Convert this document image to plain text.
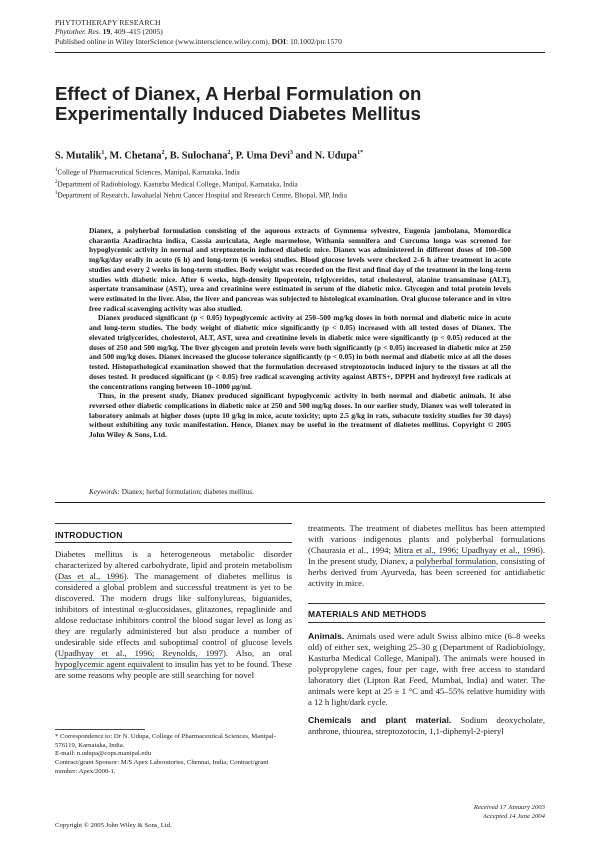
PHYTOTHERAPY RESEARCH
Phytother. Res. 19, 409–415 (2005)
Published online in Wiley InterScience (www.interscience.wiley.com). DOI: 10.1002/ptr.1570
Effect of Dianex, A Herbal Formulation on
Experimentally Induced Diabetes Mellitus
S. Mutalik$^1$, M. Chetana$^2$, B. Sulochana$^2$, P. Uma Devi$^3$ and N. Udupa$^{1*}$
$^1$College of Pharmaceutical Sciences, Manipal, Karnataka, India
$^2$Department of Radiobiology, Kasturba Medical College, Manipal, Karnataka, India
$^3$Department of Research, Jawaharlal Nehru Cancer Hospital and Research Centre, Bhopal, MP, India

Dianex, a polyherbal formulation consisting of the aqueous extracts of Gymnema sylvestre, Eugenia jambolana, Momordica charantia Azadirachta indica, Cassia auriculata, Aegle marmelose, Withania somnifera and Curcuma longa was screened for hypoglycemic activity in normal and streptozotocin induced diabetic mice. Dianex was administered in different doses of 100–500 mg/kg/day orally in acute (6 h) and long-term (6 weeks) studies. Blood glucose levels were checked 2–6 h after treatment in acute studies and every 2 weeks in long-term studies. Body weight was recorded on the first and final day of the treatment in the long-term studies with diabetic mice. After 6 weeks, high-density lipoprotein, triglycerides, total cholesterol, alanine transaminase (ALT), aspertate transaminase (AST), urea and creatinine were estimated in serum of the diabetic mice. Glycogen and total protein levels were estimated in the liver. Also, the liver and pancreas was subjected to histological examination. Oral glucose tolerance and in vitro free radical scavenging activity was also studied.

Dianex produced significant (p < 0.05) hypoglycemic activity at 250–500 mg/kg doses in both normal and diabetic mice in acute and long-term studies. The body weight of diabetic mice significantly (p < 0.05) increased with all tested doses of Dianex. The elevated triglycerides, cholesterol, ALT, AST, urea and creatinine levels in diabetic mice were significantly (p < 0.05) reduced at the doses of 250 and 500 mg/kg. The liver glycogen and protein levels were both significantly (p < 0.05) increased in diabetic mice at 250 and 500 mg/kg doses. Dianex increased the glucose tolerance significantly (p < 0.05) in both normal and diabetic mice at all the doses tested. Histopathological examination showed that the formulation decreased streptozotocin induced injury to the tissues at all the doses tested. It produced significant (p < 0.05) free radical scavenging activity against ABTS+, DPPH and hydroxyl free radicals at the concentrations ranging between 10–1000 μg/ml.

Thus, in the present study, Dianex produced significant hypoglycemic activity in both normal and diabetic animals. It also reversed other diabetic complications in diabetic mice at 250 and 500 mg/kg doses. In our earlier study, Dianex was well tolerated in laboratory animals at higher doses (upto 10 g/kg in mice, acute toxicity; upto 2.5 g/kg in rats, subacute toxicity studies for 30 days) without exhibiting any toxic manifestation. Hence, Dianex may be useful in the treatment of diabetes mellitus. Copyright © 2005 John Wiley & Sons, Ltd.

Keywords: Dianex; herbal formulation; diabetes mellitus.
INTRODUCTION

Diabetes mellitus is a heterogeneous metabolic disorder characterized by altered carbohydrate, lipid and protein metabolism (Das et al., 1996). The management of diabetes mellitus is considered a global problem and successful treatment is yet to be discovered. The modern drugs like sulfonylureas, biguanides, inhibitors of intestinal α-glucosidases, glitazones, repaglinide and aldose reductase inhibitors control the blood sugar level as long as they are regularly administered but also produce a number of undesirable side effects and suboptimal control of glucose levels (Upadhyay et al., 1996; Reynolds, 1997). Also, an oral hypoglycemic agent equivalent to insulin has yet to be found. These are some reasons why people are still searching for novel

* Correspondence to: Dr N. Udupa, College of Pharmaceutical Sciences, Manipal-576119, Karnataka, India.
E-mail: n.udupa@cops.manipal.edu
Contract/grant Sponsor: M/S Apex Laboratories, Chennai, India; Contract/grant number: Apex/2000-1.

treatments. The treatment of diabetes mellitus has been attempted with various indigenous plants and polyherbal formulations (Chaurasia et al., 1994; Mitra et al., 1996; Upadhyay et al., 1996). In the present study, Dianex, a polyherbal formulation, consisting of herbs derived from Ayurveda, has been screened for antidiabetic activity in mice.

MATERIALS AND METHODS

Animals. Animals used were adult Swiss albino mice (6–8 weeks old) of either sex, weighing 25–30 g (Department of Radiobiology, Kasturba Medical College, Manipal). The animals were housed in polypropylene cages, four per cage, with free access to standard laboratory diet (Lipton Rat Feed, Mumbai, India) and water. The animals were kept at 25 ± 1 °C and 45–55% relative humidity with a 12 h light/dark cycle.

Chemicals and plant material. Sodium deoxycholate, anthrone, thiourea, streptozotocin, 1,1-diphenyl-2-pieryl

Received 17 January 2003
Accepted 14 June 2004
Copyright © 2005 John Wiley & Sons, Ltd.
